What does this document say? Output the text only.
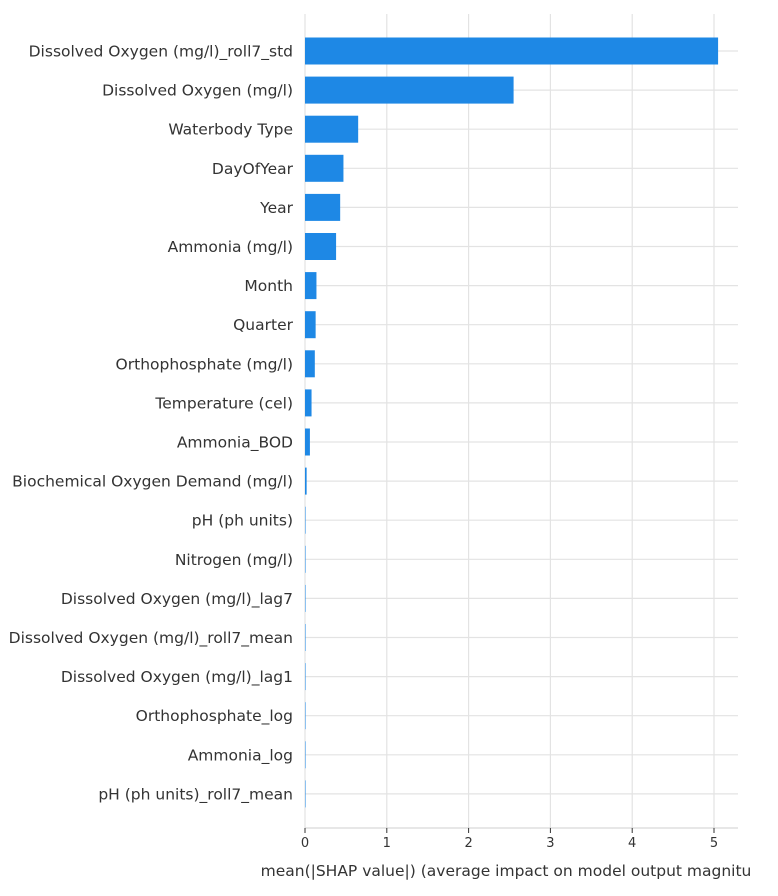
Dissolved Oxygen (mg/l)_roll7_std
Dissolved Oxygen (mg/l)
Waterbody Type
DayOfYear
Year
Ammonia (mg/l)
Month
Quarter
Orthophosphate (mg/l)
Temperature (cel)
Ammonia_BOD
Biochemical Oxygen Demand (mg/l)
pH (ph units)
Nitrogen (mg/l)
Dissolved Oxygen (mg/l)_lag7
Dissolved Oxygen (mg/l)_roll7_mean
Dissolved Oxygen (mg/l)_lag1
Orthophosphate_log
Ammonia_log
pH (ph units)_roll7_mean
0	1	2	3	4	5
mean(|SHAP value|) (average impact on model output magnitu
